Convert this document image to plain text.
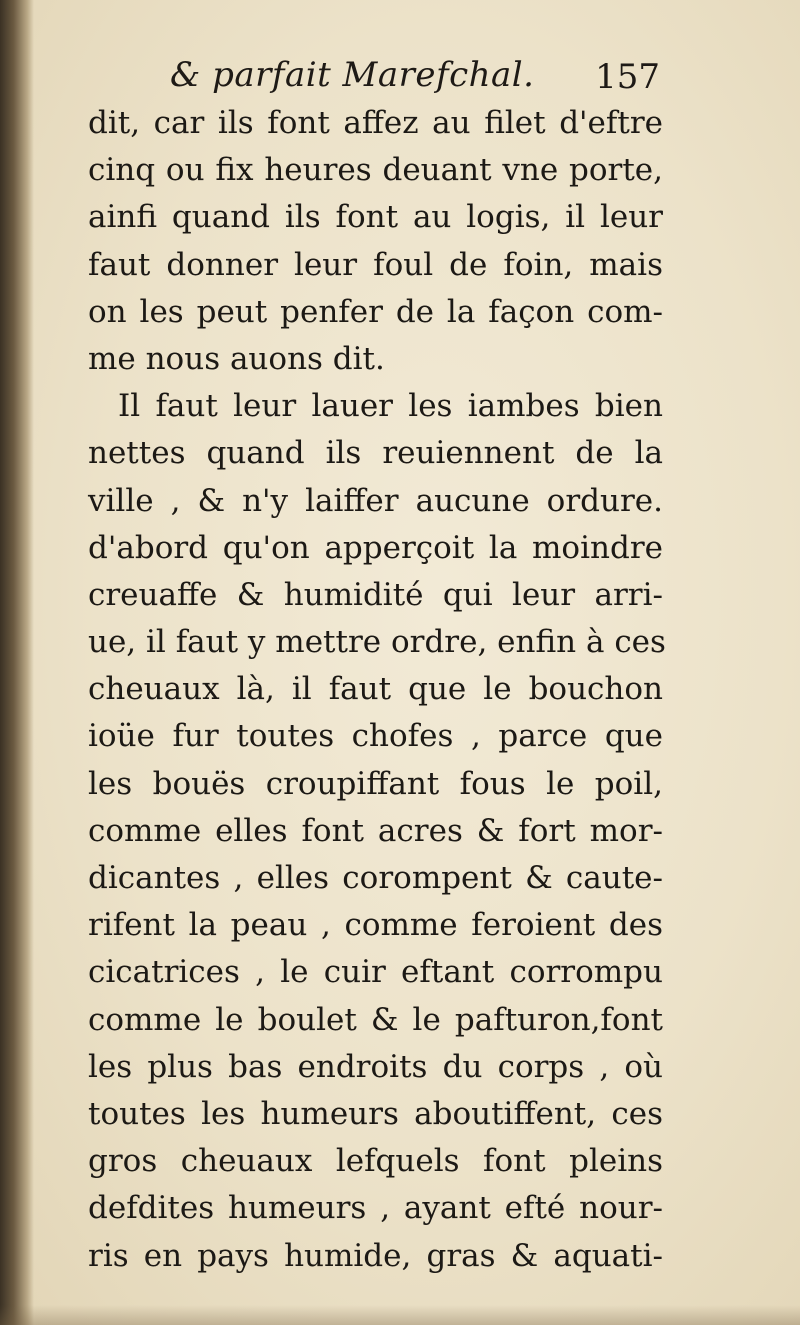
& parfait Marefchal. 157
dit, car ils font affez au filet d'eftre
cinq ou fix heures deuant vne porte,
ainfi quand ils font au logis, il leur
faut donner leur foul de foin, mais
on les peut penfer de la façon com-
me nous auons dit.
Il faut leur lauer les iambes bien
nettes quand ils reuiennent de la
ville , & n'y laiffer aucune ordure.
d'abord qu'on apperçoit la moindre
creuaffe & humidité qui leur arri-
ue, il faut y mettre ordre, enfin à ces
cheuaux là, il faut que le bouchon
ioüe fur toutes chofes , parce que
les bouës croupiffant fous le poil,
comme elles font acres & fort mor-
dicantes , elles corompent & caute-
rifent la peau , comme feroient des
cicatrices , le cuir eftant corrompu
comme le boulet & le pafturon,font
les plus bas endroits du corps , où
toutes les humeurs aboutiffent, ces
gros cheuaux lefquels font pleins
defdites humeurs , ayant efté nour-
ris en pays humide, gras & aquati-
